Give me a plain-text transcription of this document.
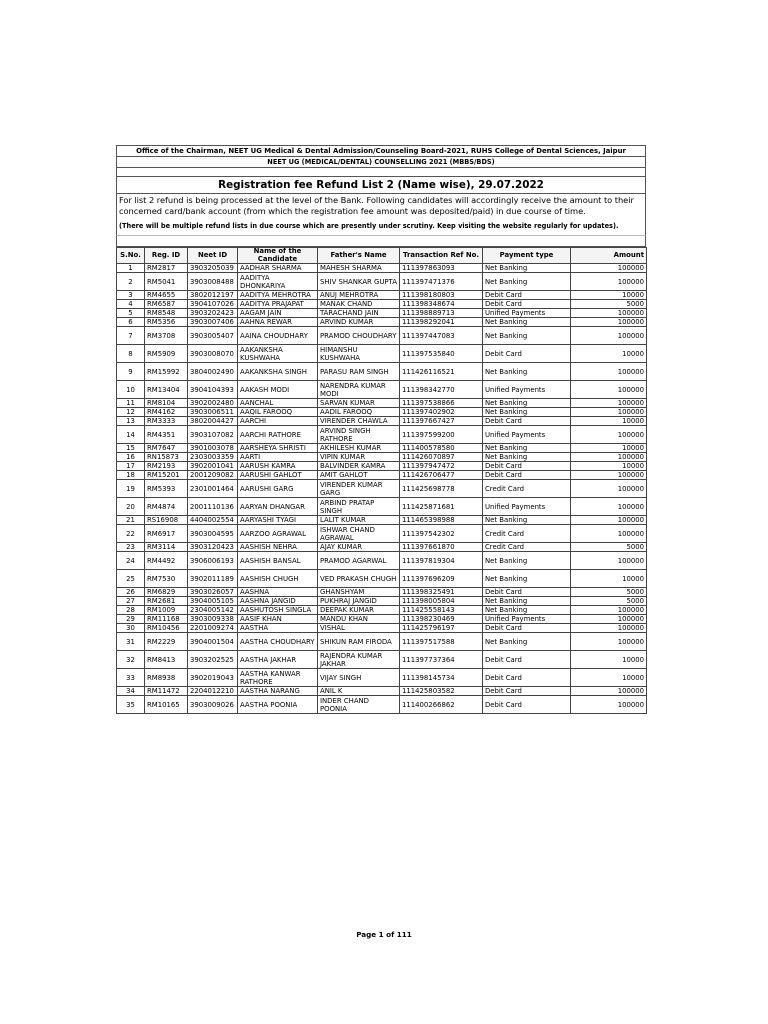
Office of the Chairman, NEET UG Medical & Dental Admission/Counseling Board-2021, RUHS College of Dental Sciences, Jaipur
NEET UG (MEDICAL/DENTAL) COUNSELLING 2021 (MBBS/BDS)
Registration fee Refund List 2 (Name wise), 29.07.2022
For list 2 refund is being processed at the level of the Bank. Following candidates will accordingly receive the amount to their concerned card/bank account (from which the registration fee amount was deposited/paid) in due course of time.
(There will be multiple refund lists in due course which are presently under scrutiny. Keep visiting the website regularly for updates).
S.No.	Reg. ID	Neet ID	Name of the Candidate	Father's Name	Transaction Ref No.	Payment type	Amount
1	RM2817	3903205039	AADHAR SHARMA	MAHESH SHARMA	111397863093	Net Banking	100000
2	RM5041	3903008488	AADITYA DHONKARIYA	SHIV SHANKAR GUPTA	111397471376	Net Banking	100000
3	RM4655	3802012197	AADITYA MEHROTRA	ANUJ MEHROTRA	111398180803	Debit Card	10000
4	RM6587	3904107026	AADITYA PRAJAPAT	MANAK CHAND	111398348674	Debit Card	5000
5	RM8548	3903202423	AAGAM JAIN	TARACHAND JAIN	111398889713	Unified Payments	100000
6	RM5356	3903007406	AAHNA REWAR	ARVIND KUMAR	111398292041	Net Banking	100000
7	RM3708	3903005407	AAINA CHOUDHARY	PRAMOD CHOUDHARY	111397447083	Net Banking	100000
8	RM5909	3903008070	AAKANKSHA KUSHWAHA	HIMANSHU KUSHWAHA	111397535840	Debit Card	10000
9	RM15992	3804002490	AAKANKSHA SINGH	PARASU RAM SINGH	111426116521	Net Banking	100000
10	RM13404	3904104393	AAKASH MODI	NARENDRA KUMAR MODI	111398342770	Unified Payments	100000
11	RM8104	3902002480	AANCHAL	SARVAN KUMAR	111397538866	Net Banking	100000
12	RM4162	3903006511	AAQIL FAROOQ	AADIL FAROOQ	111397402902	Net Banking	100000
13	RM3333	3802004427	AARCHI	VIRENDER CHAWLA	111397667427	Debit Card	10000
14	RM4351	3903107082	AARCHI RATHORE	ARVIND SINGH RATHORE	111397599200	Unified Payments	100000
15	RM7647	3901003078	AARSHEYA SHRISTI	AKHILESH KUMAR	111400578580	Net Banking	10000
16	RN15873	2303003359	AARTI	VIPIN KUMAR	111426070897	Net Banking	100000
17	RM2193	3902001041	AARUSH KAMRA	BALVINDER KAMRA	111397947472	Debit Card	10000
18	RM15201	2001209082	AARUSHI GAHLOT	AMIT GAHLOT	111426706477	Debit Card	100000
19	RM5393	2301001464	AARUSHI GARG	VIRENDER KUMAR GARG	111425698778	Credit Card	100000
20	RM4874	2001110136	AARYAN DHANGAR	ARBIND PRATAP SINGH	111425871681	Unified Payments	100000
21	RS16908	4404002554	AARYASHI TYAGI	LALIT KUMAR	111465398988	Net Banking	100000
22	RM6917	3903004595	AARZOO AGRAWAL	ISHWAR CHAND AGRAWAL	111397542302	Credit Card	100000
23	RM3114	3903120423	AASHISH NEHRA	AJAY KUMAR	111397661870	Credit Card	5000
24	RM4492	3906006193	AASHISH BANSAL	PRAMOD AGARWAL	111397819304	Net Banking	100000
25	RM7530	3902011189	AASHISH CHUGH	VED PRAKASH CHUGH	111397696209	Net Banking	10000
26	RM6829	3903026057	AASHNA	GHANSHYAM	111398325491	Debit Card	5000
27	RM2681	3904005105	AASHNA JANGID	PUKHRAJ JANGID	111398005804	Net Banking	5000
28	RM1009	2304005142	AASHUTOSH SINGLA	DEEPAK KUMAR	111425558143	Net Banking	100000
29	RM11168	3903009338	AASIF KHAN	MANDU KHAN	111398230469	Unified Payments	100000
30	RM10456	2201009274	AASTHA	VISHAL	111425796197	Debit Card	100000
31	RM2229	3904001504	AASTHA CHOUDHARY	SHIKUN RAM FIRODA	111397517588	Net Banking	100000
32	RM8413	3903202525	AASTHA JAKHAR	RAJENDRA KUMAR JAKHAR	111397737364	Debit Card	10000
33	RM8938	3902019043	AASTHA KANWAR RATHORE	VIJAY SINGH	111398145734	Debit Card	10000
34	RM11472	2204012210	AASTHA NARANG	ANIL K	111425803582	Debit Card	100000
35	RM10165	3903009026	AASTHA POONIA	INDER CHAND POONIA	111400266862	Debit Card	100000
Page 1 of 111
